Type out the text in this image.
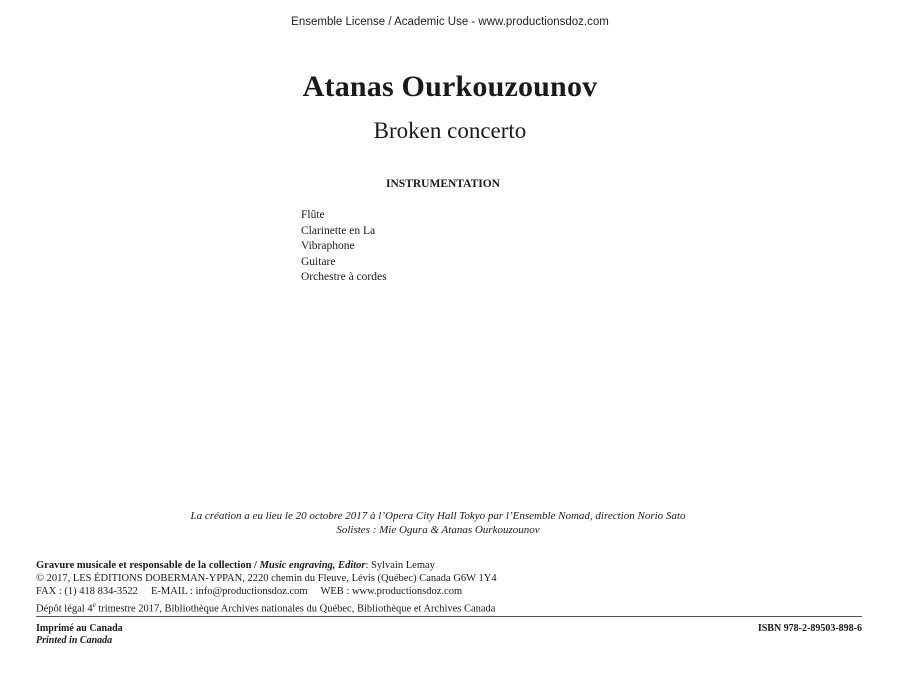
Ensemble License / Academic Use - www.productionsdoz.com
Atanas Ourkouzounov
Broken concerto
INSTRUMENTATION
Flûte
Clarinette en La
Vibraphone
Guitare
Orchestre à cordes
La création a eu lieu le 20 octobre 2017 à l’Opera City Hall Tokyo par l’Ensemble Nomad, direction Norio Sato
Solistes : Mie Ogura & Atanas Ourkouzounov
Gravure musicale et responsable de la collection / Music engraving, Editor: Sylvain Lemay
© 2017, LES ÉDITIONS DOBERMAN-YPPAN, 2220 chemin du Fleuve, Lévis (Québec) Canada G6W 1Y4
FAX : (1) 418 834-3522     E-MAIL : info@productionsdoz.com     WEB : www.productionsdoz.com
Dépôt légal 4e trimestre 2017, Bibliothèque Archives nationales du Québec, Bibliothèque et Archives Canada
Imprimé au Canada
Printed in Canada
ISBN 978-2-89503-898-6
